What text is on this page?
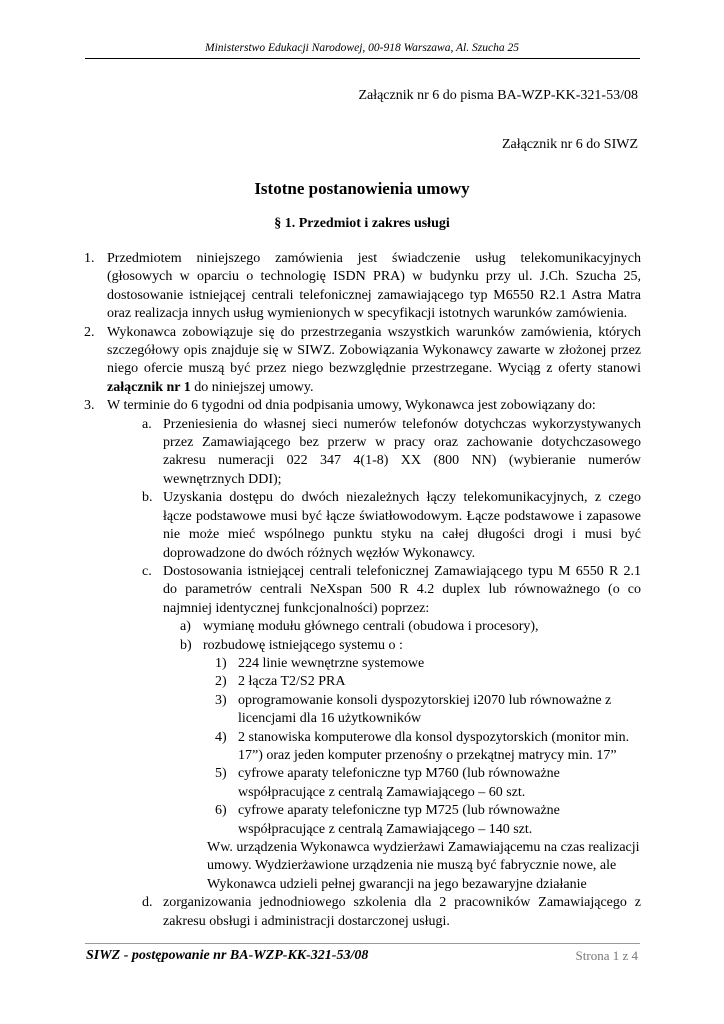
Ministerstwo Edukacji Narodowej, 00-918 Warszawa, Al. Szucha 25
Załącznik nr 6 do pisma BA-WZP-KK-321-53/08
Załącznik nr 6 do SIWZ
Istotne postanowienia umowy
§ 1. Przedmiot i zakres usługi
1. Przedmiotem niniejszego zamówienia jest świadczenie usług telekomunikacyjnych (głosowych w oparciu o technologię ISDN PRA) w budynku przy ul. J.Ch. Szucha 25, dostosowanie istniejącej centrali telefonicznej zamawiającego typ M6550 R2.1 Astra Matra oraz realizacja innych usług wymienionych w specyfikacji istotnych warunków zamówienia.
2. Wykonawca zobowiązuje się do przestrzegania wszystkich warunków zamówienia, których szczegółowy opis znajduje się w SIWZ. Zobowiązania Wykonawcy zawarte w złożonej przez niego ofercie muszą być przez niego bezwzględnie przestrzegane. Wyciąg z oferty stanowi załącznik nr 1 do niniejszej umowy.
3. W terminie do 6 tygodni od dnia podpisania umowy, Wykonawca jest zobowiązany do:
a. Przeniesienia do własnej sieci numerów telefonów dotychczas wykorzystywanych przez Zamawiającego bez przerw w pracy oraz zachowanie dotychczasowego zakresu numeracji 022 347 4(1-8) XX (800 NN) (wybieranie numerów wewnętrznych DDI);
b. Uzyskania dostępu do dwóch niezależnych łączy telekomunikacyjnych, z czego łącze podstawowe musi być łącze światłowodowym. Łącze podstawowe i zapasowe nie może mieć wspólnego punktu styku na całej długości drogi i musi być doprowadzone do dwóch różnych węzłów Wykonawcy.
c. Dostosowania istniejącej centrali telefonicznej Zamawiającego typu M 6550 R 2.1 do parametrów centrali NeXspan 500 R 4.2 duplex lub równoważnego (o co najmniej identycznej funkcjonalności) poprzez:
a) wymianę modułu głównego centrali (obudowa i procesory),
b) rozbudowę istniejącego systemu o :
1) 224 linie wewnętrzne systemowe
2) 2 łącza T2/S2 PRA
3) oprogramowanie konsoli dyspozytorskiej i2070 lub równoważne z licencjami dla 16 użytkowników
4) 2 stanowiska komputerowe dla konsol dyspozytorskich (monitor min. 17”) oraz jeden komputer przenośny o przekątnej matrycy min. 17”
5) cyfrowe aparaty telefoniczne typ M760 (lub równoważne współpracujące z centralą Zamawiającego – 60 szt.
6) cyfrowe aparaty telefoniczne typ M725 (lub równoważne współpracujące z centralą Zamawiającego – 140 szt.
Ww. urządzenia Wykonawca wydzierżawi Zamawiającemu na czas realizacji umowy. Wydzierżawione urządzenia nie muszą być fabrycznie nowe, ale Wykonawca udzieli pełnej gwarancji na jego bezawaryjne działanie
d. zorganizowania jednodniowego szkolenia dla 2 pracowników Zamawiającego z zakresu obsługi i administracji dostarczonej usługi.
SIWZ - postępowanie nr BA-WZP-KK-321-53/08	Strona 1 z 4
